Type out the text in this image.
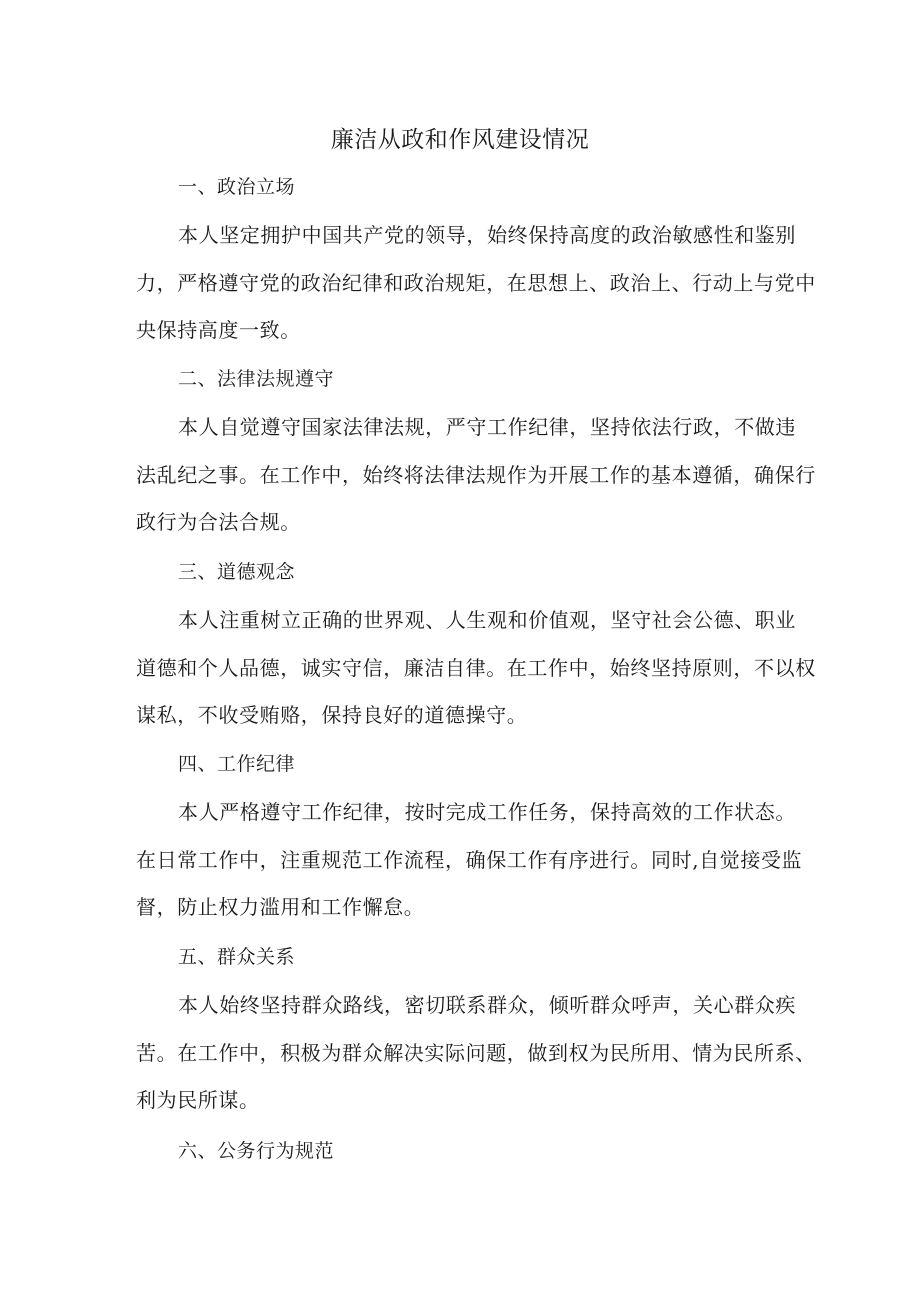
廉洁从政和作风建设情况
一、政治立场

本人坚定拥护中国共产党的领导，始终保持高度的政治敏感性和鉴别

力，严格遵守党的政治纪律和政治规矩，在思想上、政治上、行动上与党中

央保持高度一致。

二、法律法规遵守

本人自觉遵守国家法律法规，严守工作纪律，坚持依法行政，不做违

法乱纪之事。在工作中，始终将法律法规作为开展工作的基本遵循，确保行

政行为合法合规。

三、道德观念

本人注重树立正确的世界观、人生观和价值观，坚守社会公德、职业

道德和个人品德，诚实守信，廉洁自律。在工作中，始终坚持原则，不以权

谋私，不收受贿赂，保持良好的道德操守。

四、工作纪律

本人严格遵守工作纪律，按时完成工作任务，保持高效的工作状态。

在日常工作中，注重规范工作流程，确保工作有序进行。同时,自觉接受监

督，防止权力滥用和工作懈怠。

五、群众关系

本人始终坚持群众路线，密切联系群众，倾听群众呼声，关心群众疾

苦。在工作中，积极为群众解决实际问题，做到权为民所用、情为民所系、

利为民所谋。

六、公务行为规范
